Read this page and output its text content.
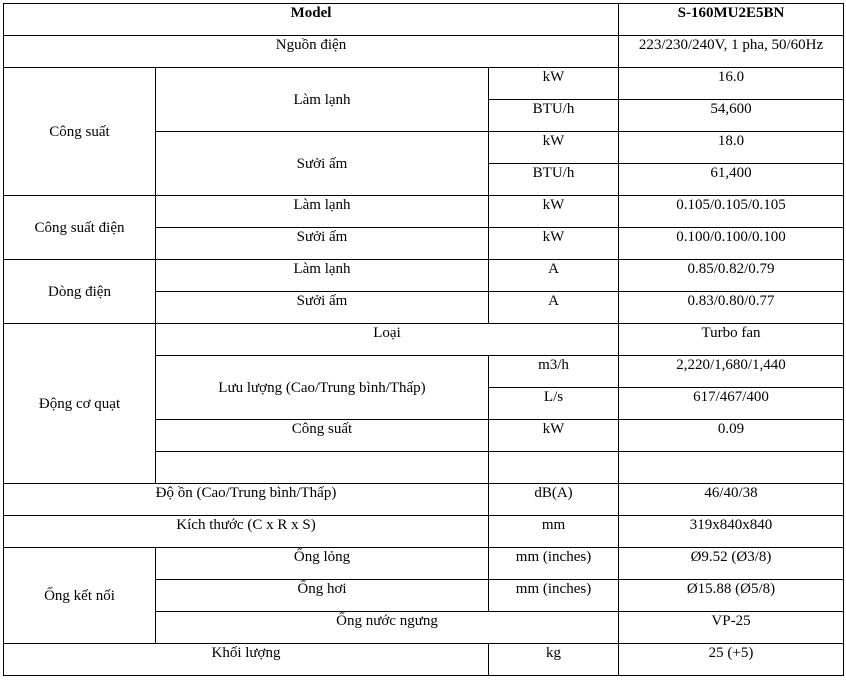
Model			S-160MU2E5BN
Nguồn điện			223/230/240V, 1 pha, 50/60Hz
Công suất	Làm lạnh	kW	16.0
		BTU/h	54,600
	Sưởi ấm	kW	18.0
		BTU/h	61,400
Công suất điện	Làm lạnh	kW	0.105/0.105/0.105
	Sưởi ấm	kW	0.100/0.100/0.100
Dòng điện	Làm lạnh	A	0.85/0.82/0.79
	Sưởi ấm	A	0.83/0.80/0.77
Động cơ quạt	Loại		Turbo fan
	Lưu lượng (Cao/Trung bình/Thấp)	m3/h	2,220/1,680/1,440
		L/s	617/467/400
	Công suất	kW	0.09

Độ ồn (Cao/Trung bình/Thấp)		dB(A)	46/40/38
Kích thước (C x R x S)		mm	319x840x840
Ống kết nối	Ống lỏng	mm (inches)	Ø9.52 (Ø3/8)
	Ống hơi	mm (inches)	Ø15.88 (Ø5/8)
	Ống nước ngưng		VP-25
Khối lượng		kg	25 (+5)
